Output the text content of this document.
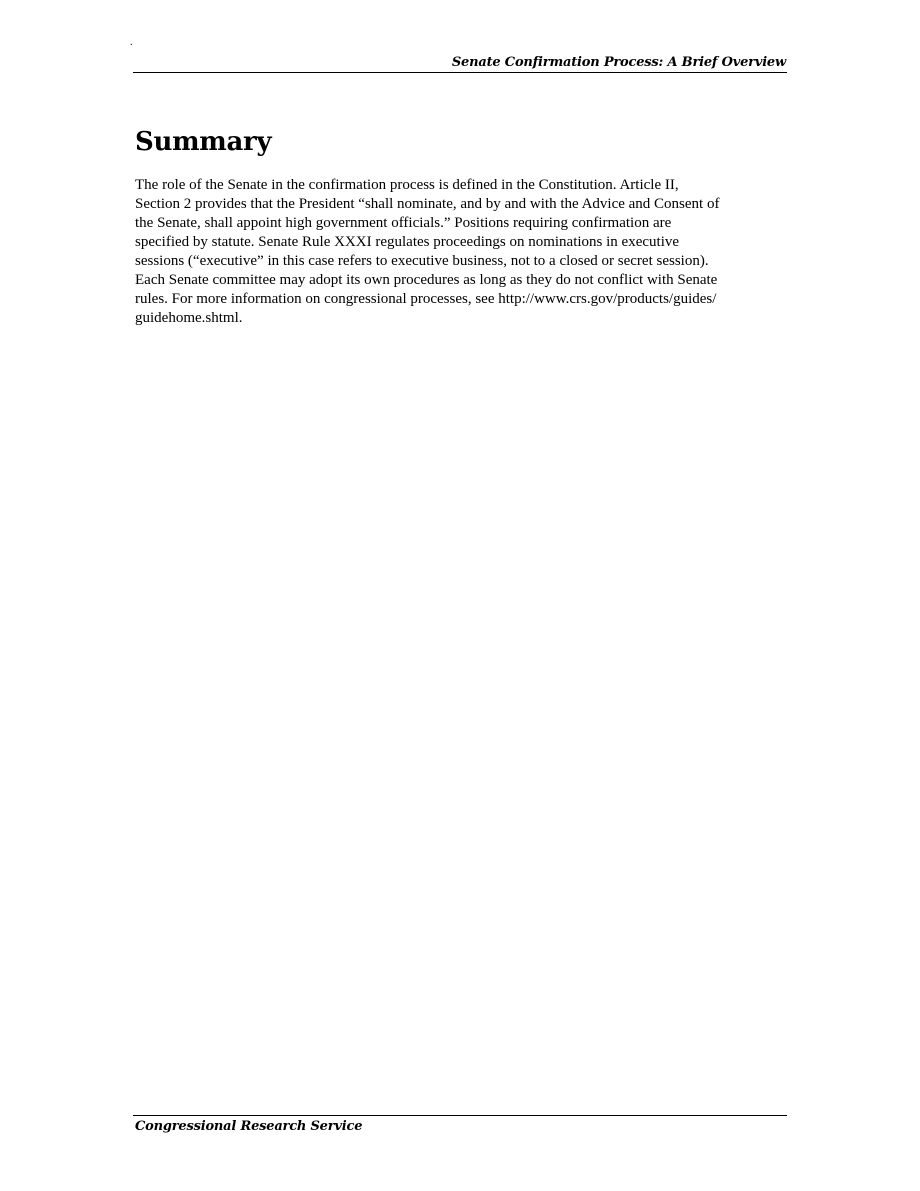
.
Senate Confirmation Process: A Brief Overview
Summary
The role of the Senate in the confirmation process is defined in the Constitution. Article II,
Section 2 provides that the President “shall nominate, and by and with the Advice and Consent of
the Senate, shall appoint high government officials.” Positions requiring confirmation are
specified by statute. Senate Rule XXXI regulates proceedings on nominations in executive
sessions (“executive” in this case refers to executive business, not to a closed or secret session).
Each Senate committee may adopt its own procedures as long as they do not conflict with Senate
rules. For more information on congressional processes, see http://www.crs.gov/products/guides/
guidehome.shtml.
Congressional Research Service
